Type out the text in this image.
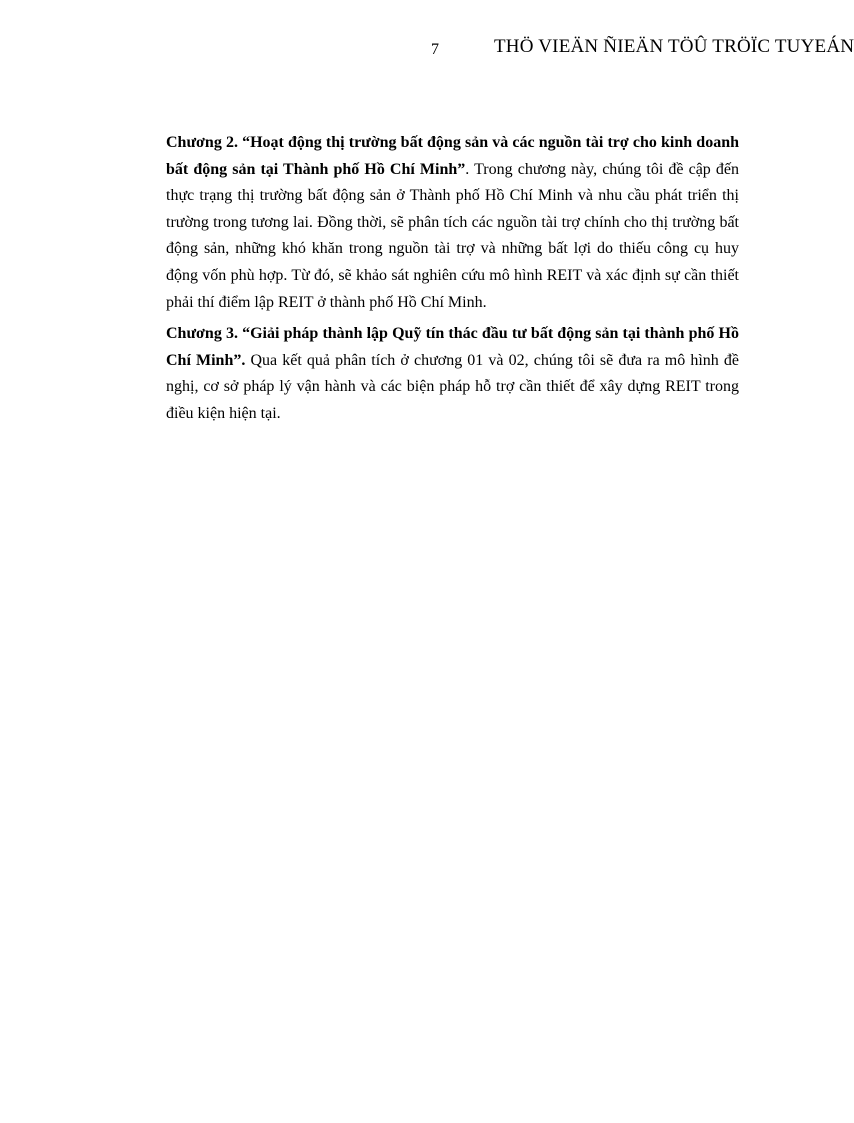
7	THÖ VIEÄN ÑIEÄN TÖÛ TRÖÏC TUYEÁN

Chương 2. “Hoạt động thị trường bất động sản và các nguồn tài trợ cho kinh doanh bất động sản tại Thành phố Hồ Chí Minh”. Trong chương này, chúng tôi đề cập đến thực trạng thị trường bất động sản ở Thành phố Hồ Chí Minh và nhu cầu phát triển thị trường trong tương lai. Đồng thời, sẽ phân tích các nguồn tài trợ chính cho thị trường bất động sản, những khó khăn trong nguồn tài trợ và những bất lợi do thiếu công cụ huy động vốn phù hợp. Từ đó, sẽ khảo sát nghiên cứu mô hình REIT và xác định sự cần thiết phải thí điểm lập REIT ở thành phố Hồ Chí Minh.

Chương 3. “Giải pháp thành lập Quỹ tín thác đầu tư bất động sản tại thành phố Hồ Chí Minh”. Qua kết quả phân tích ở chương 01 và 02, chúng tôi sẽ đưa ra mô hình đề nghị, cơ sở pháp lý vận hành và các biện pháp hỗ trợ cần thiết để xây dựng REIT trong điều kiện hiện tại.
